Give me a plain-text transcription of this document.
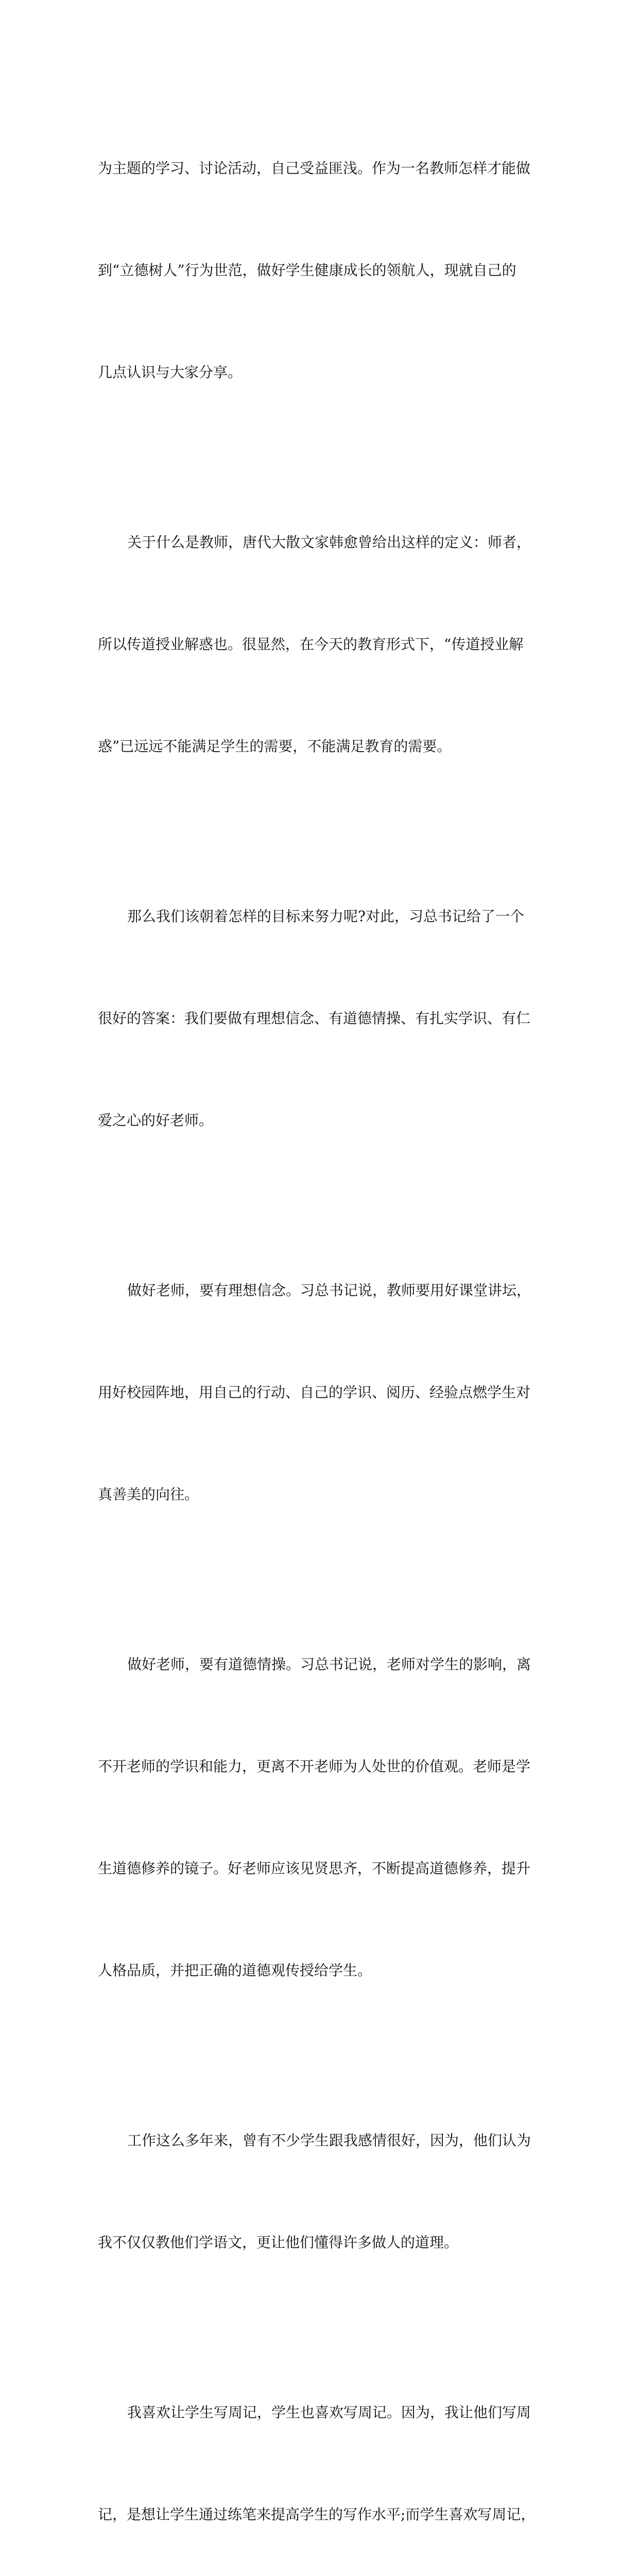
为主题的学习、讨论活动，自己受益匪浅。作为一名教师怎样才能做

到“立德树人”行为世范，做好学生健康成长的领航人，现就自己的

几点认识与大家分享。

关于什么是教师，唐代大散文家韩愈曾给出这样的定义：师者，

所以传道授业解惑也。很显然，在今天的教育形式下，“传道授业解

惑”已远远不能满足学生的需要，不能满足教育的需要。

那么我们该朝着怎样的目标来努力呢?对此，习总书记给了一个

很好的答案：我们要做有理想信念、有道德情操、有扎实学识、有仁

爱之心的好老师。

做好老师，要有理想信念。习总书记说，教师要用好课堂讲坛，

用好校园阵地，用自己的行动、自己的学识、阅历、经验点燃学生对

真善美的向往。

做好老师，要有道德情操。习总书记说，老师对学生的影响，离

不开老师的学识和能力，更离不开老师为人处世的价值观。老师是学

生道德修养的镜子。好老师应该见贤思齐，不断提高道德修养，提升

人格品质，并把正确的道德观传授给学生。

工作这么多年来，曾有不少学生跟我感情很好，因为，他们认为

我不仅仅教他们学语文，更让他们懂得许多做人的道理。

我喜欢让学生写周记，学生也喜欢写周记。因为，我让他们写周

记，是想让学生通过练笔来提高学生的写作水平;而学生喜欢写周记，
